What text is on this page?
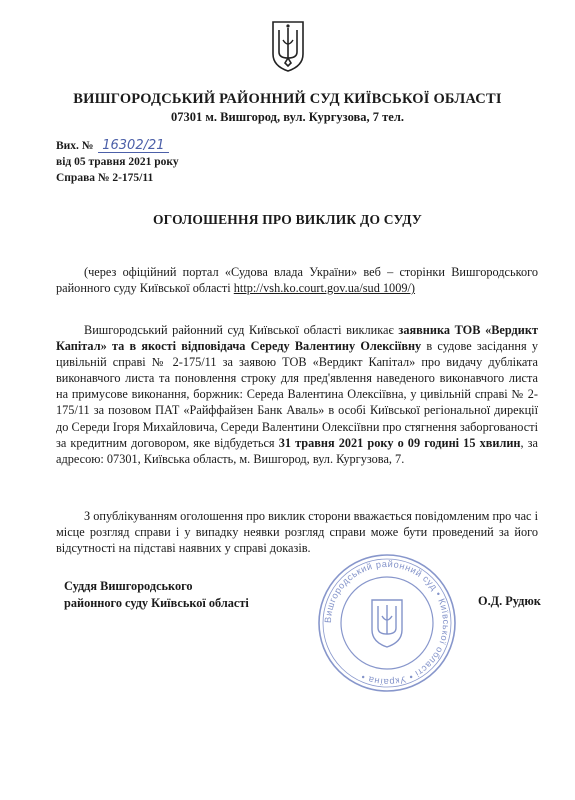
ВИШГОРОДСЬКИЙ РАЙОННИЙ СУД КИЇВСЬКОЇ ОБЛАСТІ
07301 м. Вишгород, вул. Кургузова, 7 тел.
Вих. № 16302/21
від 05 травня 2021 року
Справа № 2-175/11
ОГОЛОШЕННЯ ПРО ВИКЛИК ДО СУДУ
(через офіційний портал «Судова влада України» веб – сторінки Вишгородського районного суду Київської області http://vsh.ko.court.gov.ua/sud 1009/)
Вишгородський районний суд Київської області викликає заявника ТОВ «Вердикт Капітал» та в якості відповідача Середу Валентину Олексіївну в судове засідання у цивільній справі № 2-175/11 за заявою ТОВ «Вердикт Капітал» про видачу дубліката виконавчого листа та поновлення строку для пред'явлення наведеного виконавчого листа на примусове виконання, боржник: Середа Валентина Олексіївна, у цивільній справі № 2-175/11 за позовом ПАТ «Райффайзен Банк Аваль» в особі Київської регіональної дирекції до Середи Ігоря Михайловича, Середи Валентини Олексіївни про стягнення заборгованості за кредитним договором, яке відбудеться 31 травня 2021 року о 09 годині 15 хвилин, за адресою: 07301, Київська область, м. Вишгород, вул. Кургузова, 7.
З опублікуванням оголошення про виклик сторони вважається повідомленим про час і місце розгляд справи і у випадку неявки розгляд справи може бути проведений за його відсутності на підставі наявних у справі доказів.
Вишгородський районний суд • Київської області • Україна •
Суддя Вишгородського
районного суду Київської області	О.Д. Рудюк
